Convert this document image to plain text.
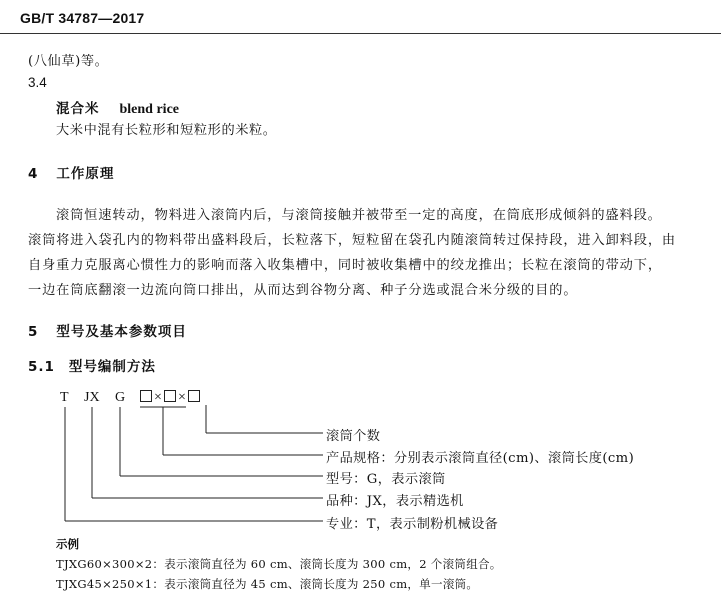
GB/T 34787—2017
(八仙草)等。
3.4
混合米 blend rice
大米中混有长粒形和短粒形的米粒。
4 工作原理
滚筒恒速转动，物料进入滚筒内后，与滚筒接触并被带至一定的高度，在筒底形成倾斜的盛料段。
滚筒将进入袋孔内的物料带出盛料段后，长粒落下，短粒留在袋孔内随滚筒转过保持段，进入卸料段，由
自身重力克服离心惯性力的影响而落入收集槽中，同时被收集槽中的绞龙推出；长粒在滚筒的带动下，
一边在筒底翻滚一边流向筒口排出，从而达到谷物分离、种子分选或混合米分级的目的。
5 型号及基本参数项目
5.1 型号编制方法
T JX G	× ×
滚筒个数
产品规格：分别表示滚筒直径(cm)、滚筒长度(cm)
型号：G，表示滚筒
品种：JX，表示精选机
专业：T，表示制粉机械设备
示例
TJXG60×300×2：表示滚筒直径为 60 cm、滚筒长度为 300 cm，2 个滚筒组合。
TJXG45×250×1：表示滚筒直径为 45 cm、滚筒长度为 250 cm，单一滚筒。
